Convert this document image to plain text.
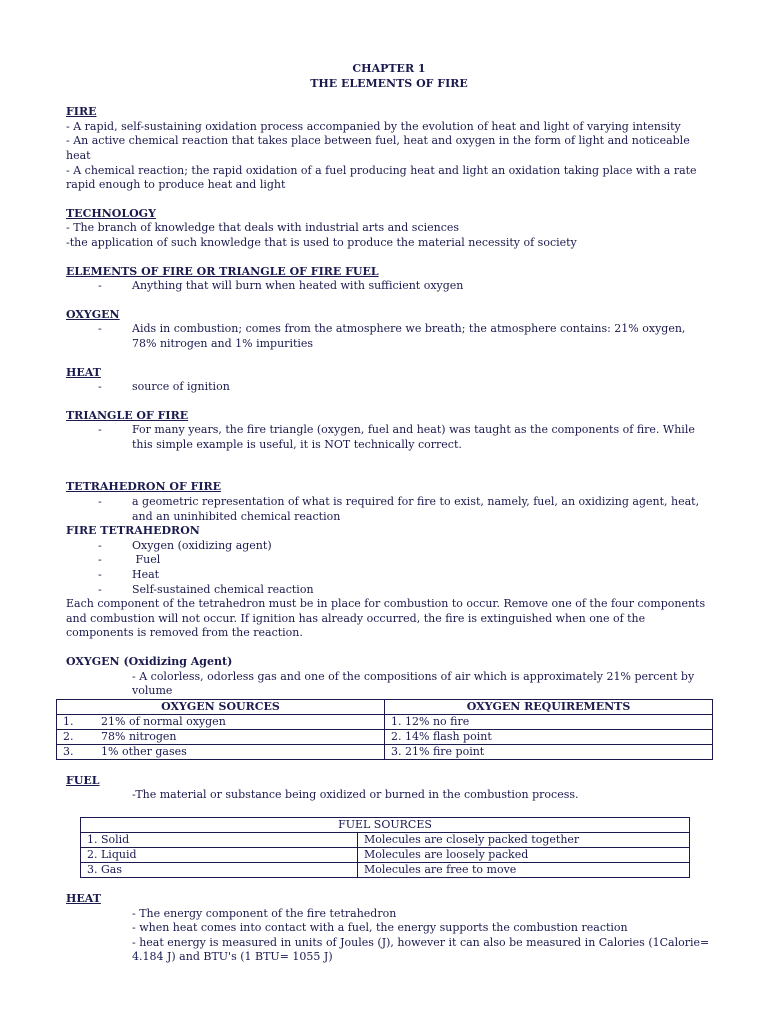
CHAPTER 1
THE ELEMENTS OF FIRE
FIRE
- A rapid, self-sustaining oxidation process accompanied by the evolution of heat and light of varying intensity
- An active chemical reaction that takes place between fuel, heat and oxygen in the form of light and noticeable heat
- A chemical reaction; the rapid oxidation of a fuel producing heat and light an oxidation taking place with a rate rapid enough to produce heat and light
TECHNOLOGY
- The branch of knowledge that deals with industrial arts and sciences
-the application of such knowledge that is used to produce the material necessity of society
ELEMENTS OF FIRE OR TRIANGLE OF FIRE FUEL
- Anything that will burn when heated with sufficient oxygen
OXYGEN
- Aids in combustion; comes from the atmosphere we breath; the atmosphere contains: 21% oxygen, 78% nitrogen and 1% impurities
HEAT
- source of ignition
TRIANGLE OF FIRE
- For many years, the fire triangle (oxygen, fuel and heat) was taught as the components of fire. While this simple example is useful, it is NOT technically correct.
TETRAHEDRON OF FIRE
- a geometric representation of what is required for fire to exist, namely, fuel, an oxidizing agent, heat, and an uninhibited chemical reaction
FIRE TETRAHEDRON
- Oxygen (oxidizing agent)
-  Fuel
- Heat
- Self-sustained chemical reaction
Each component of the tetrahedron must be in place for combustion to occur. Remove one of the four components and combustion will not occur. If ignition has already occurred, the fire is extinguished when one of the components is removed from the reaction.
OXYGEN (Oxidizing Agent)
- A colorless, odorless gas and one of the compositions of air which is approximately 21% percent by volume
OXYGEN SOURCES	OXYGEN REQUIREMENTS
1. 21% of normal oxygen	1. 12% no fire
2. 78% nitrogen	2. 14% flash point
3. 1% other gases	3. 21% fire point
FUEL
-The material or substance being oxidized or burned in the combustion process.
FUEL SOURCES	
1. Solid	Molecules are closely packed together
2. Liquid	Molecules are loosely packed
3. Gas	Molecules are free to move
HEAT
- The energy component of the fire tetrahedron
- when heat comes into contact with a fuel, the energy supports the combustion reaction
- heat energy is measured in units of Joules (J), however it can also be measured in Calories (1Calorie= 4.184 J) and BTU's (1 BTU= 1055 J)
